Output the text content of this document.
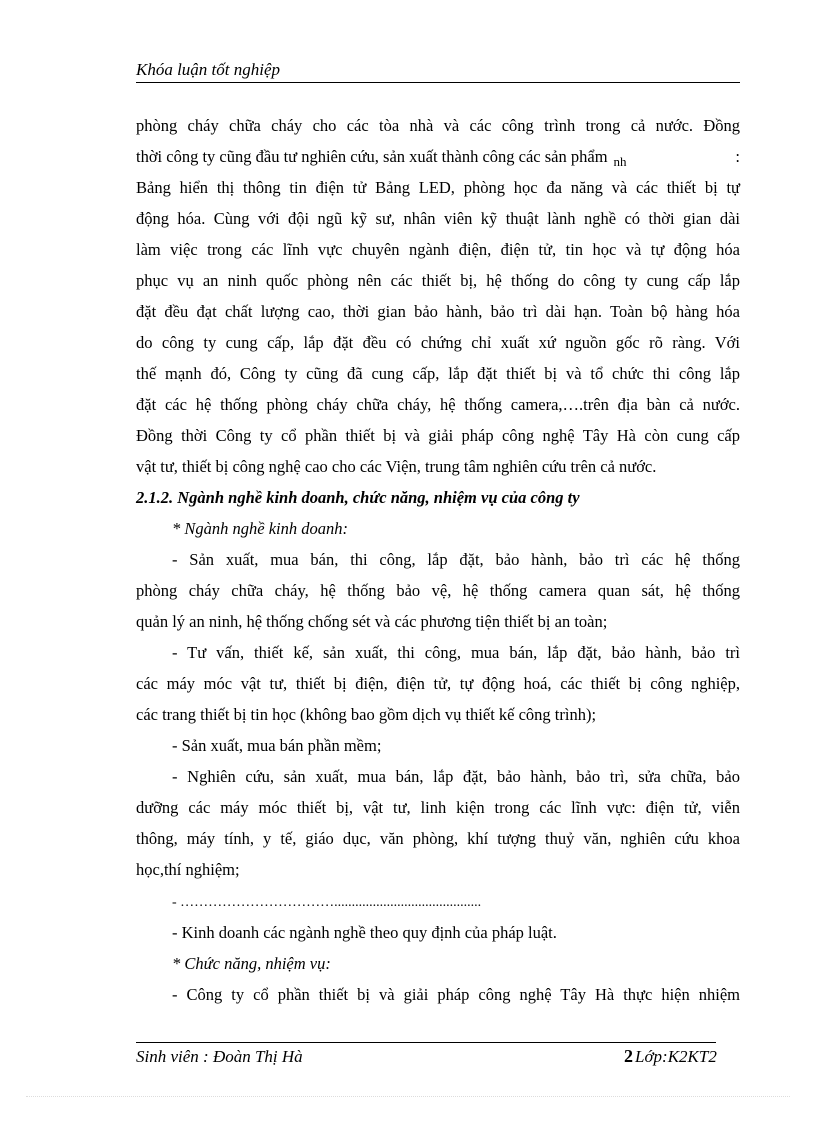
Khóa luận tốt nghiệp
phòng cháy chữa cháy cho các tòa nhà và các công trình trong cả nước. Đồng
thời công ty cũng đầu tư nghiên cứu, sản xuất thành công các sản phẩm $_{nh}$	:
Bảng hiển thị thông tin điện tử Bảng LED, phòng học đa năng và các thiết bị tự
động hóa. Cùng với đội ngũ kỹ sư, nhân viên kỹ thuật lành nghề có thời gian dài
làm việc trong các lĩnh vực chuyên ngành điện, điện tử, tin học và tự động hóa
phục vụ an ninh quốc phòng nên các thiết bị, hệ thống do công ty cung cấp lắp
đặt đều đạt chất lượng cao, thời gian bảo hành, bảo trì dài hạn. Toàn bộ hàng hóa
do công ty cung cấp, lắp đặt đều có chứng chỉ xuất xứ nguồn gốc rõ ràng. Với
thế mạnh đó, Công ty cũng đã cung cấp, lắp đặt thiết bị và tổ chức thi công lắp
đặt các hệ thống phòng cháy chữa cháy, hệ thống camera,….trên địa bàn cả nước.
Đồng thời Công ty cổ phần thiết bị và giải pháp công nghệ Tây Hà còn cung cấp
vật tư, thiết bị công nghệ cao cho các Viện, trung tâm nghiên cứu trên cả nước.
2.1.2. Ngành nghề kinh doanh, chức năng, nhiệm vụ của công ty
* Ngành nghề kinh doanh:
- Sản xuất, mua bán, thi công, lắp đặt, bảo hành, bảo trì các hệ thống
phòng cháy chữa cháy, hệ thống bảo vệ, hệ thống camera quan sát, hệ thống
quản lý an ninh, hệ thống chống sét và các phương tiện thiết bị an toàn;
- Tư vấn, thiết kế, sản xuất, thi công, mua bán, lắp đặt, bảo hành, bảo trì
các máy móc vật tư, thiết bị điện, điện tử, tự động hoá, các thiết bị công nghiệp,
các trang thiết bị tin học (không bao gồm dịch vụ thiết kế công trình);
- Sản xuất, mua bán phần mềm;
- Nghiên cứu, sản xuất, mua bán, lắp đặt, bảo hành, bảo trì, sửa chữa, bảo
dưỡng các máy móc thiết bị, vật tư, linh kiện trong các lĩnh vực: điện tử, viễn
thông, máy tính, y tế, giáo dục, văn phòng, khí tượng thuỷ văn, nghiên cứu khoa
học,thí nghiệm;
- ……………………………..........................................
- Kinh doanh các ngành nghề theo quy định của pháp luật.
* Chức năng, nhiệm vụ:
- Công ty cổ phần thiết bị và giải pháp công nghệ Tây Hà thực hiện nhiệm
Sinh viên : Đoàn Thị Hà	2 Lớp:K2KT2
